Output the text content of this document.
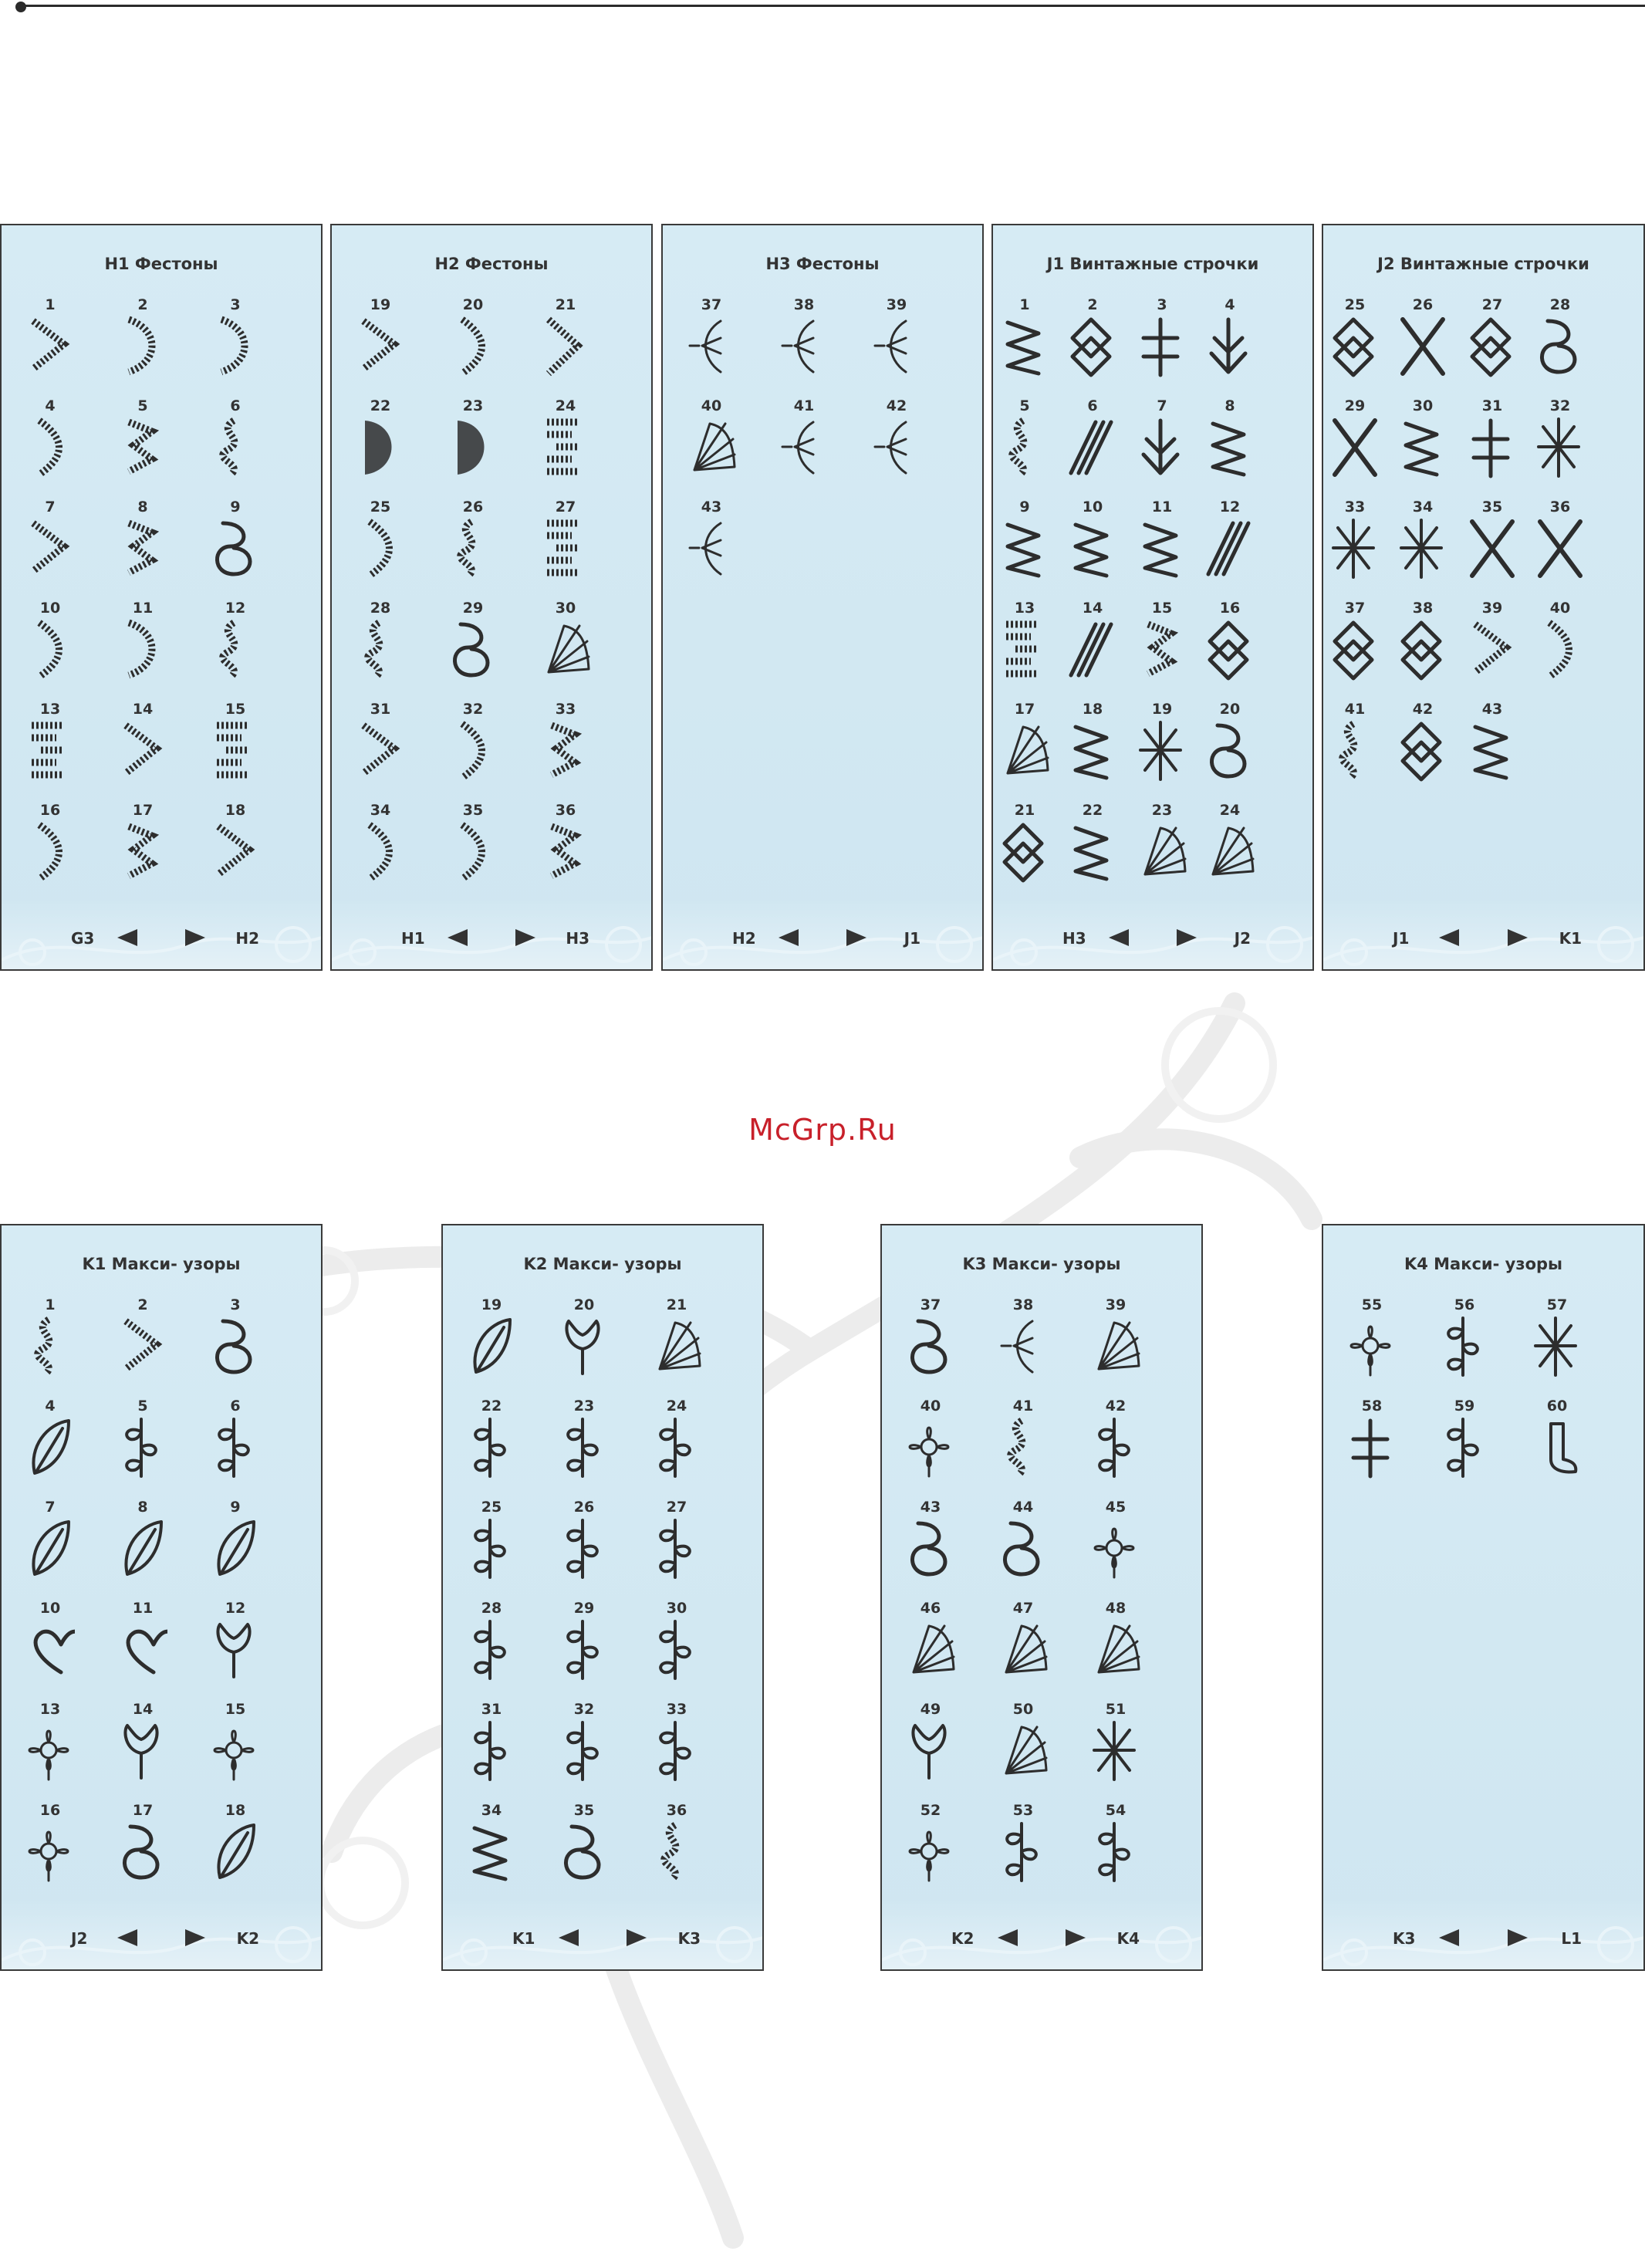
McGrp.Ru
H1 Фестоны
1	2	3
4	5	6
7	8	9
10	11	12
13	14	15
16	17	18
G3	H2
H2 Фестоны
19	20	21
22	23	24
25	26	27
28	29	30
31	32	33
34	35	36
H1	H3
H3 Фестоны
37	38	39
40	41	42
43
H2	J1
J1 Винтажные строчки
1	2	3	4
5	6	7	8
9	10	11	12
13	14	15	16
17	18	19	20
21	22	23	24
H3	J2
J2 Винтажные строчки
25	26	27	28
29	30	31	32
33	34	35	36
37	38	39	40
41	42	43
J1	K1
K1 Макси- узоры
1	2	3
4	5	6
7	8	9
10	11	12
13	14	15
16	17	18
J2	K2
K2 Макси- узоры
19	20	21
22	23	24
25	26	27
28	29	30
31	32	33
34	35	36
K1	K3
K3 Макси- узоры
37	38	39
40	41	42
43	44	45
46	47	48
49	50	51
52	53	54
K2	K4
K4 Макси- узоры
55	56	57
58	59	60
K3	L1
